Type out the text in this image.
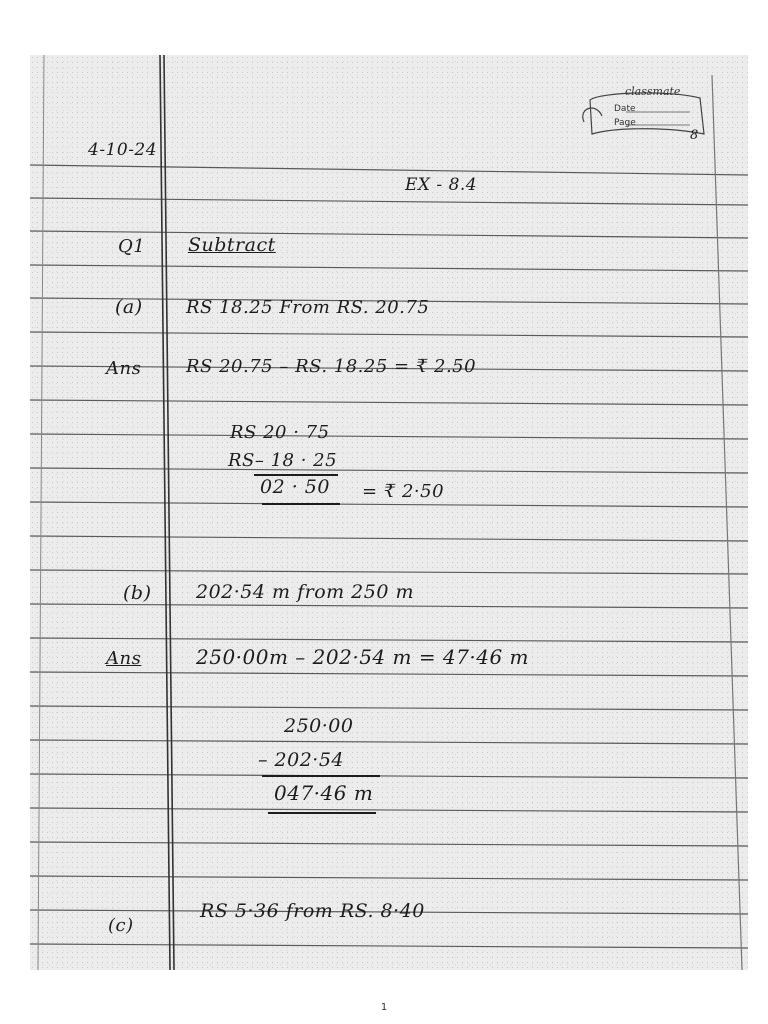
classmate
Date
Page
8
4-10-24
EX - 8.4
Q1 Subtract
(a) RS 18.25 From RS. 20.75
Ans RS 20.75 – RS. 18.25 = ₹ 2.50
RS 20 · 75
RS– 18 · 25
02 · 50 = ₹ 2·50
(b) 202·54 m from 250 m
Ans	250·00m – 202·54 m = 47·46 m
250·00
– 202·54
047·46 m
(c)
RS 5·36 from RS. 8·40
1
